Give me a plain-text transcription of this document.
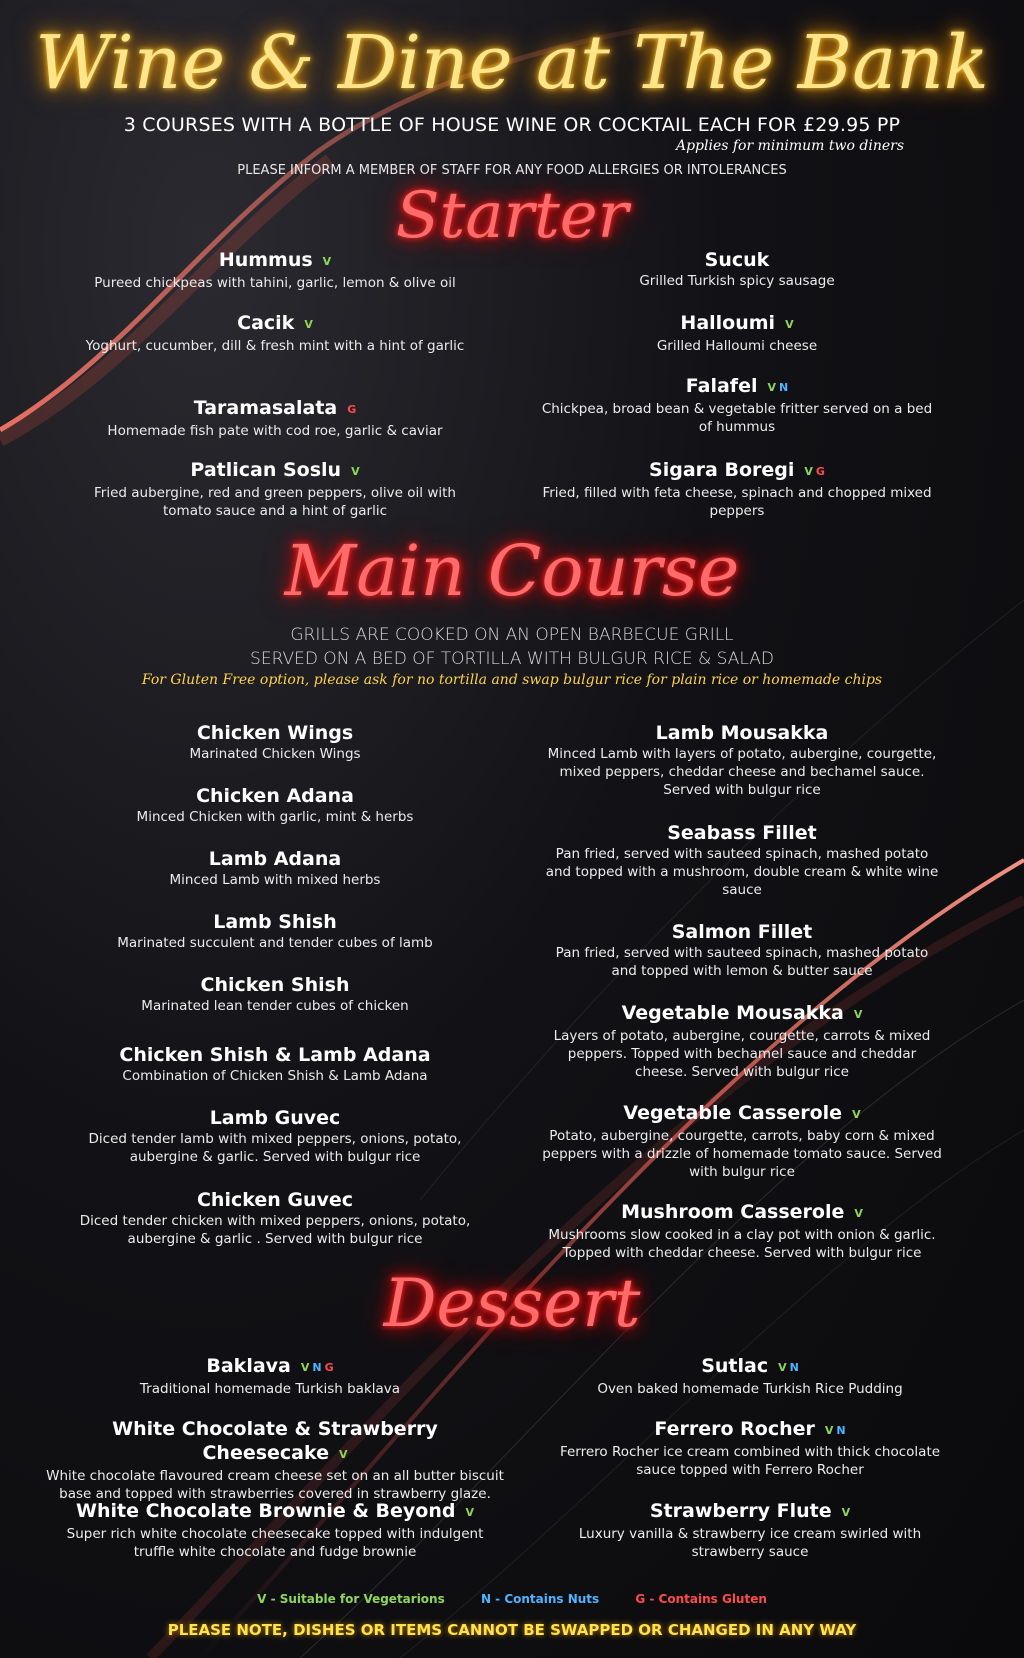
Wine & Dine at The Bank
3 COURSES WITH A BOTTLE OF HOUSE WINE OR COCKTAIL EACH FOR £29.95 PP
Applies for minimum two diners
PLEASE INFORM A MEMBER OF STAFF FOR ANY FOOD ALLERGIES OR INTOLERANCES
Starter
Hummus V
Pureed chickpeas with tahini, garlic, lemon & olive oil
Cacik V
Yoghurt, cucumber, dill & fresh mint with a hint of garlic
Taramasalata G
Homemade fish pate with cod roe, garlic & caviar
Patlican Soslu V
Fried aubergine, red and green peppers, olive oil with tomato sauce and a hint of garlic
Sucuk
Grilled Turkish spicy sausage
Halloumi V
Grilled Halloumi cheese
Falafel V N
Chickpea, broad bean & vegetable fritter served on a bed of hummus
Sigara Boregi V G
Fried, filled with feta cheese, spinach and chopped mixed peppers
Main Course
GRILLS ARE COOKED ON AN OPEN BARBECUE GRILL
SERVED ON A BED OF TORTILLA WITH BULGUR RICE & SALAD
For Gluten Free option, please ask for no tortilla and swap bulgur rice for plain rice or homemade chips
Chicken Wings
Marinated Chicken Wings
Chicken Adana
Minced Chicken with garlic, mint & herbs
Lamb Adana
Minced Lamb with mixed herbs
Lamb Shish
Marinated succulent and tender cubes of lamb
Chicken Shish
Marinated lean tender cubes of chicken
Chicken Shish & Lamb Adana
Combination of Chicken Shish & Lamb Adana
Lamb Guvec
Diced tender lamb with mixed peppers, onions, potato, aubergine & garlic. Served with bulgur rice
Chicken Guvec
Diced tender chicken with mixed peppers, onions, potato, aubergine & garlic . Served with bulgur rice
Lamb Mousakka
Minced Lamb with layers of potato, aubergine, courgette, mixed peppers, cheddar cheese and bechamel sauce. Served with bulgur rice
Seabass Fillet
Pan fried, served with sauteed spinach, mashed potato and topped with a mushroom, double cream & white wine sauce
Salmon Fillet
Pan fried, served with sauteed spinach, mashed potato and topped with lemon & butter sauce
Vegetable Mousakka V
Layers of potato, aubergine, courgette, carrots & mixed peppers. Topped with bechamel sauce and cheddar cheese. Served with bulgur rice
Vegetable Casserole V
Potato, aubergine, courgette, carrots, baby corn & mixed peppers with a drizzle of homemade tomato sauce. Served with bulgur rice
Mushroom Casserole V
Mushrooms slow cooked in a clay pot with onion & garlic. Topped with cheddar cheese. Served with bulgur rice
Dessert
Baklava V N G
Traditional homemade Turkish baklava
White Chocolate & Strawberry Cheesecake V
White chocolate flavoured cream cheese set on an all butter biscuit base and topped with strawberries covered in strawberry glaze.
White Chocolate Brownie & Beyond V
Super rich white chocolate cheesecake topped with indulgent truffle white chocolate and fudge brownie
Sutlac V N
Oven baked homemade Turkish Rice Pudding
Ferrero Rocher V N
Ferrero Rocher ice cream combined with thick chocolate sauce topped with Ferrero Rocher
Strawberry Flute V
Luxury vanilla & strawberry ice cream swirled with strawberry sauce
V - Suitable for Vegetarions	N - Contains Nuts	G - Contains Gluten
PLEASE NOTE, DISHES OR ITEMS CANNOT BE SWAPPED OR CHANGED IN ANY WAY
